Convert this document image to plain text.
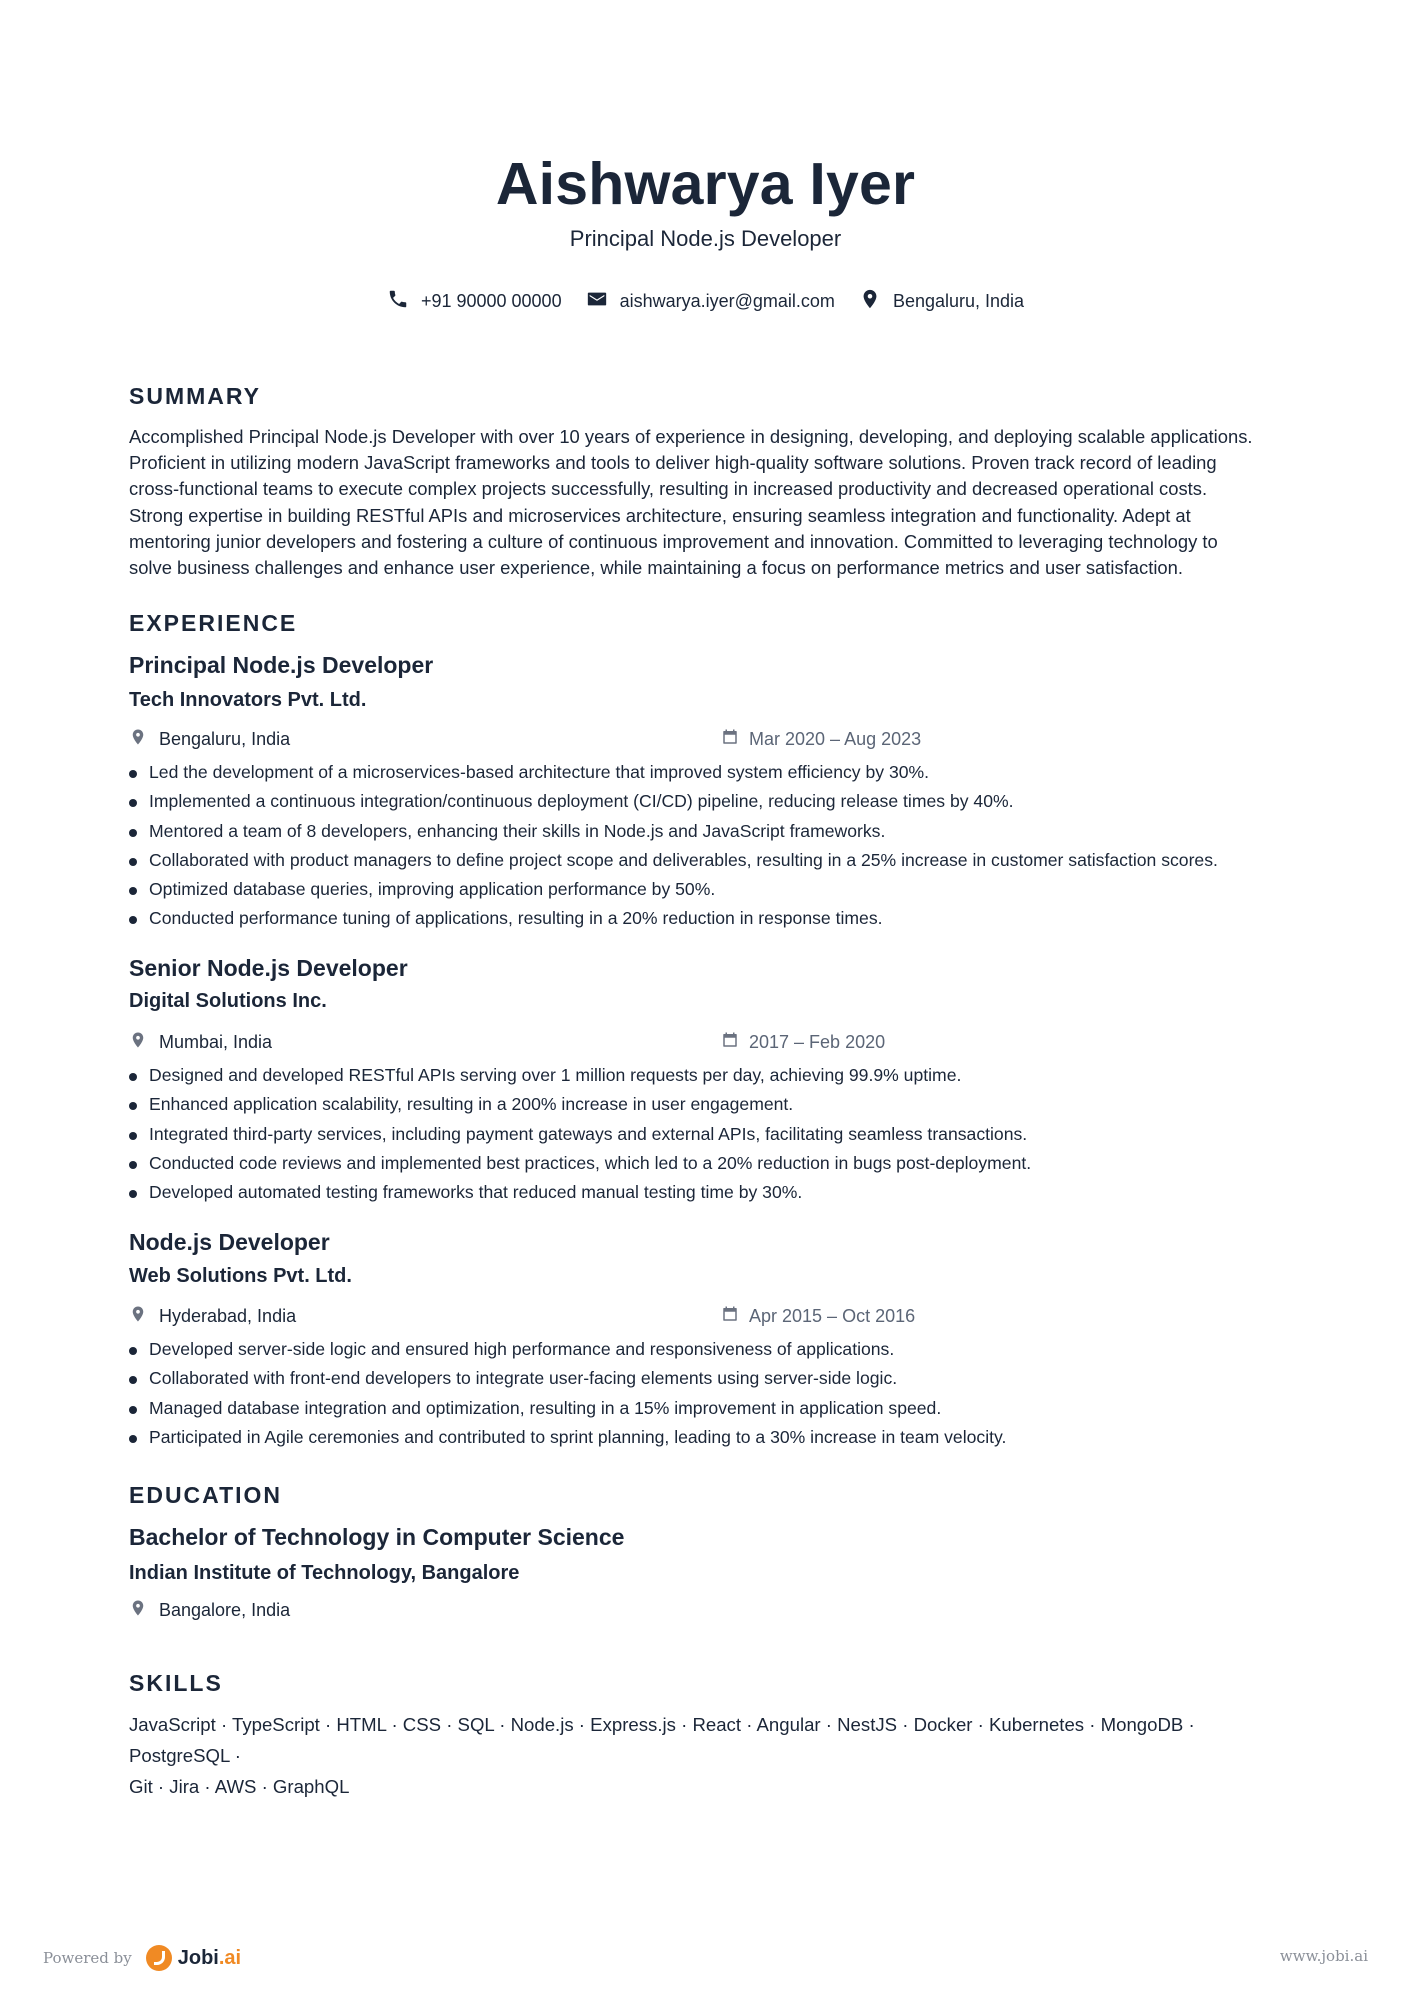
Aishwarya Iyer
Principal Node.js Developer
+91 90000 00000	aishwarya.iyer@gmail.com	Bengaluru, India
SUMMARY
Accomplished Principal Node.js Developer with over 10 years of experience in designing, developing, and deploying scalable applications.
Proficient in utilizing modern JavaScript frameworks and tools to deliver high-quality software solutions. Proven track record of leading
cross-functional teams to execute complex projects successfully, resulting in increased productivity and decreased operational costs.
Strong expertise in building RESTful APIs and microservices architecture, ensuring seamless integration and functionality. Adept at
mentoring junior developers and fostering a culture of continuous improvement and innovation. Committed to leveraging technology to
solve business challenges and enhance user experience, while maintaining a focus on performance metrics and user satisfaction.
EXPERIENCE
Principal Node.js Developer
Tech Innovators Pvt. Ltd.
Bengaluru, India	Mar 2020 – Aug 2023
Led the development of a microservices-based architecture that improved system efficiency by 30%.
Implemented a continuous integration/continuous deployment (CI/CD) pipeline, reducing release times by 40%.
Mentored a team of 8 developers, enhancing their skills in Node.js and JavaScript frameworks.
Collaborated with product managers to define project scope and deliverables, resulting in a 25% increase in customer satisfaction scores.
Optimized database queries, improving application performance by 50%.
Conducted performance tuning of applications, resulting in a 20% reduction in response times.
Senior Node.js Developer
Digital Solutions Inc.
Mumbai, India	2017 – Feb 2020
Designed and developed RESTful APIs serving over 1 million requests per day, achieving 99.9% uptime.
Enhanced application scalability, resulting in a 200% increase in user engagement.
Integrated third-party services, including payment gateways and external APIs, facilitating seamless transactions.
Conducted code reviews and implemented best practices, which led to a 20% reduction in bugs post-deployment.
Developed automated testing frameworks that reduced manual testing time by 30%.
Node.js Developer
Web Solutions Pvt. Ltd.
Hyderabad, India	Apr 2015 – Oct 2016
Developed server-side logic and ensured high performance and responsiveness of applications.
Collaborated with front-end developers to integrate user-facing elements using server-side logic.
Managed database integration and optimization, resulting in a 15% improvement in application speed.
Participated in Agile ceremonies and contributed to sprint planning, leading to a 30% increase in team velocity.
EDUCATION
Bachelor of Technology in Computer Science
Indian Institute of Technology, Bangalore
Bangalore, India
SKILLS
JavaScript · TypeScript · HTML · CSS · SQL · Node.js · Express.js · React · Angular · NestJS · Docker · Kubernetes · MongoDB · PostgreSQL ·
Git · Jira · AWS · GraphQL
Powered by Jobi.ai	www.jobi.ai
